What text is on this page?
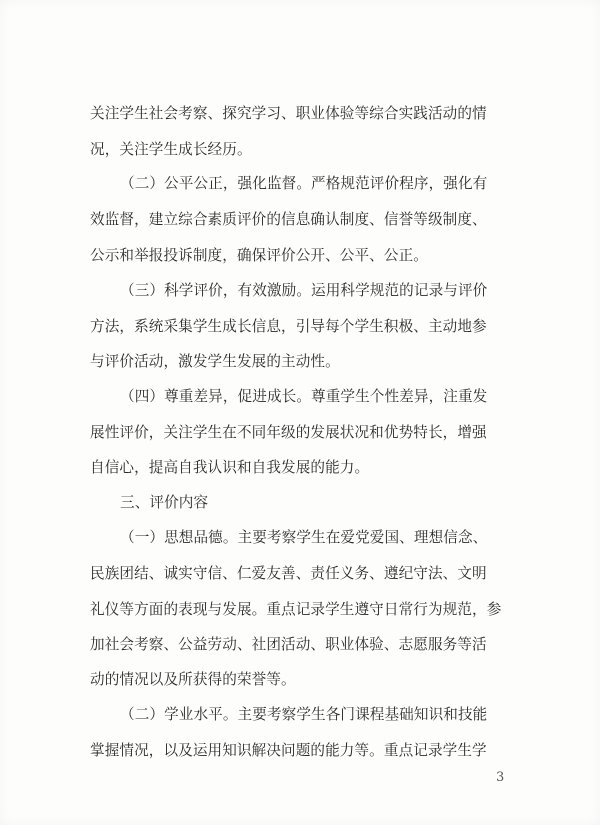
关注学生社会考察、探究学习、职业体验等综合实践活动的情
况，关注学生成长经历。
（二）公平公正，强化监督。严格规范评价程序，强化有
效监督，建立综合素质评价的信息确认制度、信誉等级制度、
公示和举报投诉制度，确保评价公开、公平、公正。
（三）科学评价，有效激励。运用科学规范的记录与评价
方法，系统采集学生成长信息，引导每个学生积极、主动地参
与评价活动，激发学生发展的主动性。
（四）尊重差异，促进成长。尊重学生个性差异，注重发
展性评价，关注学生在不同年级的发展状况和优势特长，增强
自信心，提高自我认识和自我发展的能力。
三、评价内容
（一）思想品德。主要考察学生在爱党爱国、理想信念、
民族团结、诚实守信、仁爱友善、责任义务、遵纪守法、文明
礼仪等方面的表现与发展。重点记录学生遵守日常行为规范，参
加社会考察、公益劳动、社团活动、职业体验、志愿服务等活
动的情况以及所获得的荣誉等。
（二）学业水平。主要考察学生各门课程基础知识和技能
掌握情况，以及运用知识解决问题的能力等。重点记录学生学
3
